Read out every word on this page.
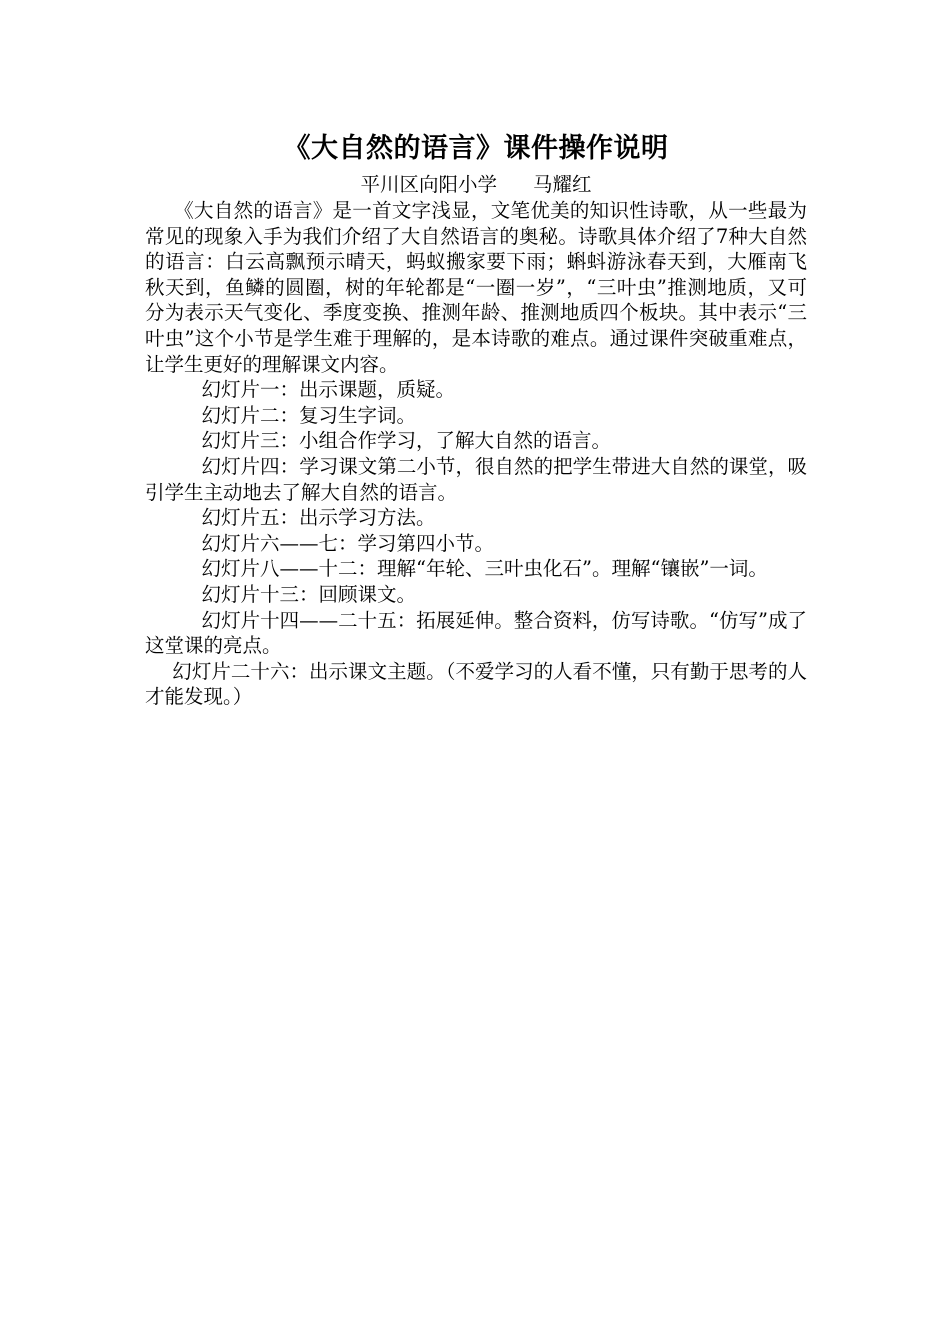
《大自然的语言》课件操作说明

平川区向阳小学 马耀红

《大自然的语言》是一首文字浅显，文笔优美的知识性诗歌，从一些最为常见的现象入手为我们介绍了大自然语言的奥秘。诗歌具体介绍了7种大自然的语言：白云高飘预示晴天，蚂蚁搬家要下雨；蝌蚪游泳春天到，大雁南飞秋天到，鱼鳞的圆圈，树的年轮都是“一圈一岁”，“三叶虫”推测地质，又可分为表示天气变化、季度变换、推测年龄、推测地质四个板块。其中表示“三叶虫”这个小节是学生难于理解的，是本诗歌的难点。通过课件突破重难点，让学生更好的理解课文内容。

幻灯片一：出示课题，质疑。

幻灯片二：复习生字词。

幻灯片三：小组合作学习，了解大自然的语言。

幻灯片四：学习课文第二小节，很自然的把学生带进大自然的课堂，吸引学生主动地去了解大自然的语言。

幻灯片五：出示学习方法。

幻灯片六——七：学习第四小节。

幻灯片八——十二：理解“年轮、三叶虫化石”。理解“镶嵌”一词。

幻灯片十三：回顾课文。

幻灯片十四——二十五：拓展延伸。整合资料，仿写诗歌。“仿写”成了这堂课的亮点。

幻灯片二十六：出示课文主题。（不爱学习的人看不懂，只有勤于思考的人才能发现。）
